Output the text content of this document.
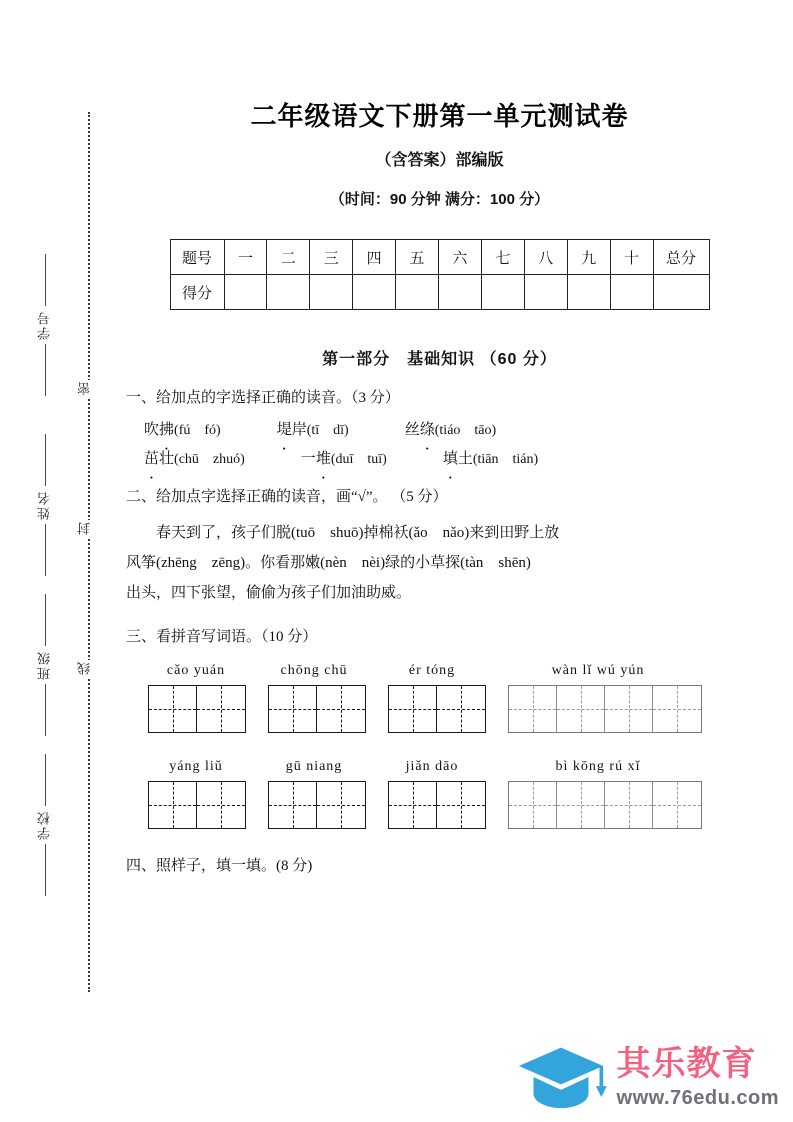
密
封
线
学号
姓名
班级
学校
二年级语文下册第一单元测试卷
（含答案）部编版
（时间：90 分钟 满分：100 分）
题号	一	二	三	四	五	六	七	八	九	十	总分
得分											
第一部分　基础知识 （60 分）
一、给加点的字选择正确的读音。（3 分）
吹拂(fú　fó)	堤岸(tī　dī)	丝绦(tiáo　tāo)
茁壮(chū　zhuó)	一堆(duī　tuī)	填土(tiān　tián)
二、给加点字选择正确的读音，画“√”。 （5 分）
春天到了，孩子们脱(tuō　shuō)掉棉袄(ǎo　nǎo)来到田野上放
风筝(zhēng　zēng)。你看那嫩(nèn　nèi)绿的小草探(tàn　shēn)
出头，四下张望，偷偷为孩子们加油助威。
三、看拼音写词语。（10 分）
cǎo yuán	chōng chū	ér tóng	wàn lǐ wú yún
yáng liǔ	gū niang	jiǎn dāo	bì kōng rú xǐ
四、照样子，填一填。(8 分)
其乐教育
www.76edu.com
